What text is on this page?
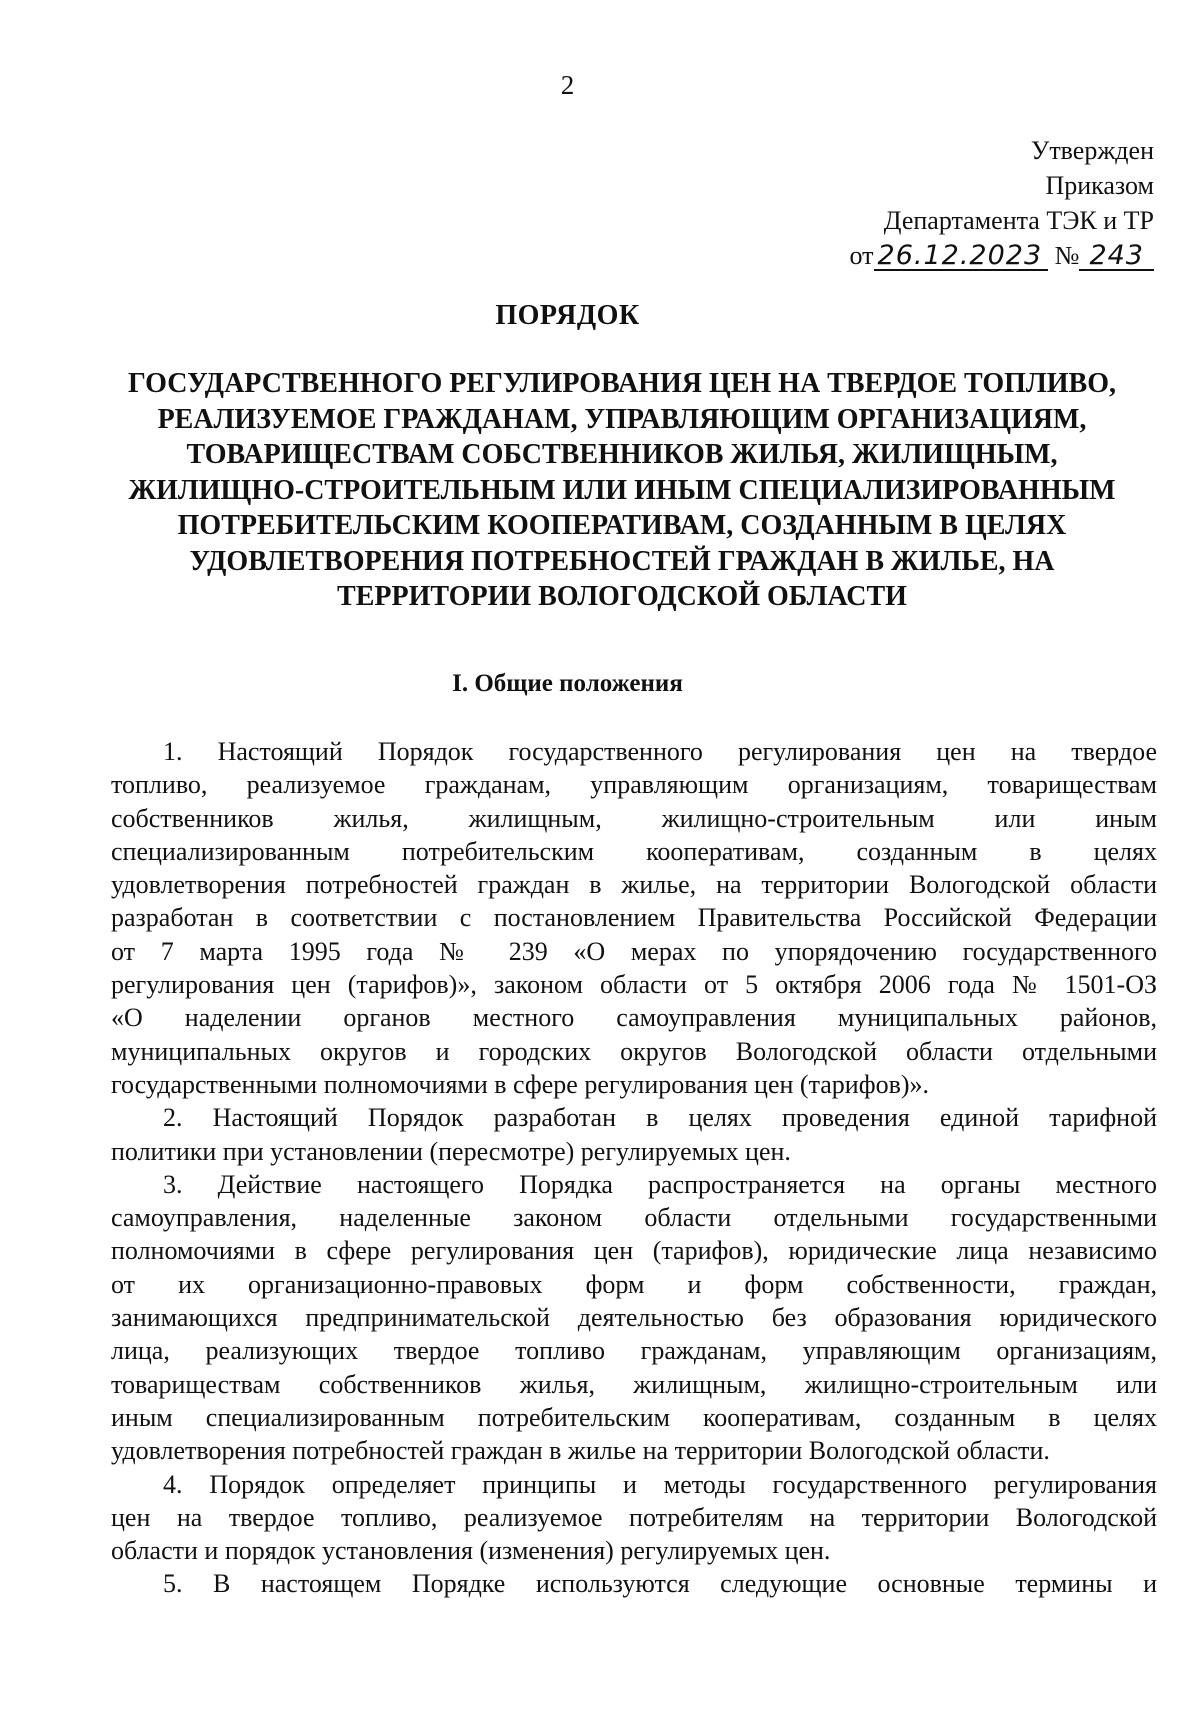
2
Утвержден
Приказом
Департамента ТЭК и ТР
от 26.12.2023 № 243
ПОРЯДОК
ГОСУДАРСТВЕННОГО РЕГУЛИРОВАНИЯ ЦЕН НА ТВЕРДОЕ ТОПЛИВО,
РЕАЛИЗУЕМОЕ ГРАЖДАНАМ, УПРАВЛЯЮЩИМ ОРГАНИЗАЦИЯМ,
ТОВАРИЩЕСТВАМ СОБСТВЕННИКОВ ЖИЛЬЯ, ЖИЛИЩНЫМ,
ЖИЛИЩНО-СТРОИТЕЛЬНЫМ ИЛИ ИНЫМ СПЕЦИАЛИЗИРОВАННЫМ
ПОТРЕБИТЕЛЬСКИМ КООПЕРАТИВАМ, СОЗДАННЫМ В ЦЕЛЯХ
УДОВЛЕТВОРЕНИЯ ПОТРЕБНОСТЕЙ ГРАЖДАН В ЖИЛЬЕ, НА
ТЕРРИТОРИИ ВОЛОГОДСКОЙ ОБЛАСТИ
I. Общие положения
1. Настоящий Порядок государственного регулирования цен на твердое
топливо, реализуемое гражданам, управляющим организациям, товариществам
собственников жилья, жилищным, жилищно-строительным или иным
специализированным потребительским кооперативам, созданным в целях
удовлетворения потребностей граждан в жилье, на территории Вологодской области
разработан в соответствии с постановлением Правительства Российской Федерации
от 7 марта 1995 года № 239 «О мерах по упорядочению государственного
регулирования цен (тарифов)», законом области от 5 октября 2006 года № 1501-ОЗ
«О наделении органов местного самоуправления муниципальных районов,
муниципальных округов и городских округов Вологодской области отдельными
государственными полномочиями в сфере регулирования цен (тарифов)».
2. Настоящий Порядок разработан в целях проведения единой тарифной
политики при установлении (пересмотре) регулируемых цен.
3. Действие настоящего Порядка распространяется на органы местного
самоуправления, наделенные законом области отдельными государственными
полномочиями в сфере регулирования цен (тарифов), юридические лица независимо
от их организационно-правовых форм и форм собственности, граждан,
занимающихся предпринимательской деятельностью без образования юридического
лица, реализующих твердое топливо гражданам, управляющим организациям,
товариществам собственников жилья, жилищным, жилищно-строительным или
иным специализированным потребительским кооперативам, созданным в целях
удовлетворения потребностей граждан в жилье на территории Вологодской области.
4. Порядок определяет принципы и методы государственного регулирования
цен на твердое топливо, реализуемое потребителям на территории Вологодской
области и порядок установления (изменения) регулируемых цен.
5. В настоящем Порядке используются следующие основные термины и
